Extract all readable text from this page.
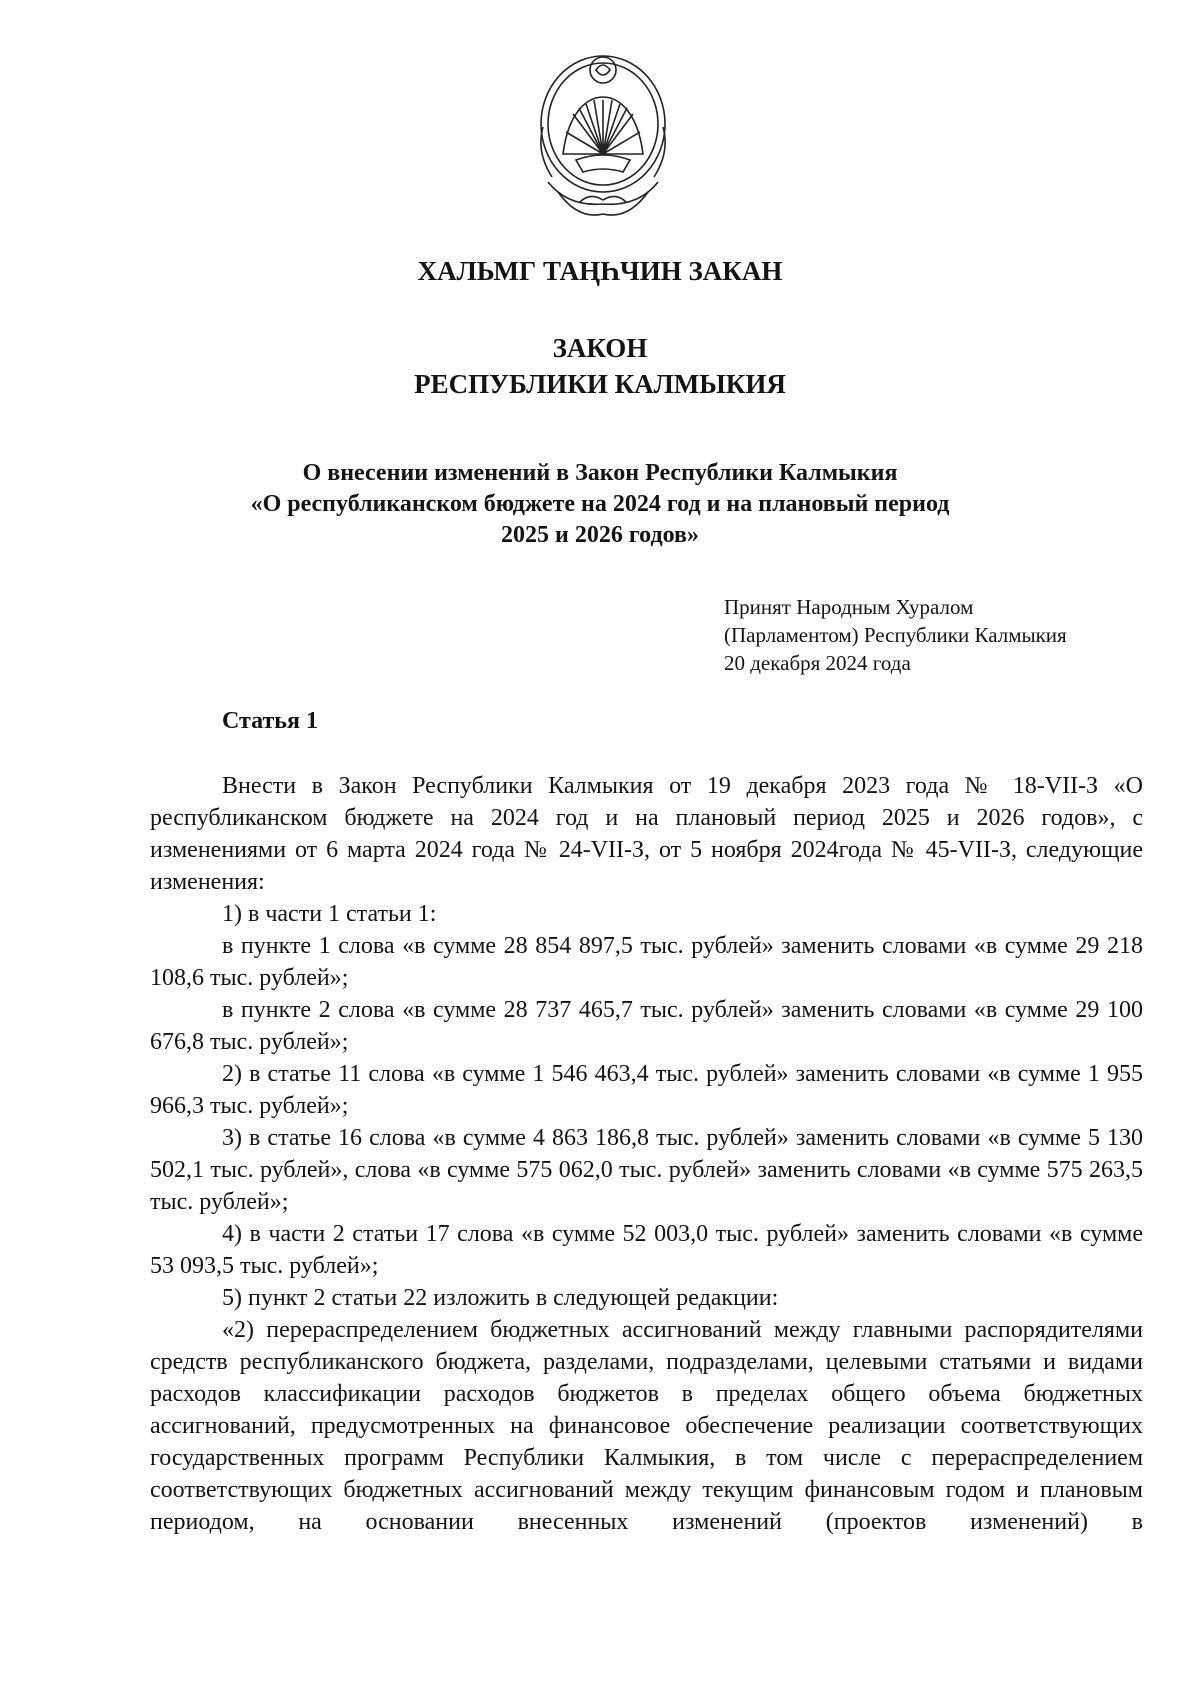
ХАЛЬМГ ТАҢҺЧИН ЗАКАН
ЗАКОН
РЕСПУБЛИКИ КАЛМЫКИЯ
О внесении изменений в Закон Республики Калмыкия
«О республиканском бюджете на 2024 год и на плановый период
2025 и 2026 годов»
Принят Народным Хуралом
(Парламентом) Республики Калмыкия
20 декабря 2024 года
Статья 1

Внести в Закон Республики Калмыкия от 19 декабря 2023 года № 18-VII-З «О республиканском бюджете на 2024 год и на плановый период 2025 и 2026 годов», с изменениями от 6 марта 2024 года № 24-VII-З, от 5 ноября 2024года № 45-VII-З, следующие изменения:

1) в части 1 статьи 1:

в пункте 1 слова «в сумме 28 854 897,5 тыс. рублей» заменить словами «в сумме 29 218 108,6 тыс. рублей»;

в пункте 2 слова «в сумме 28 737 465,7 тыс. рублей» заменить словами «в сумме 29 100 676,8 тыс. рублей»;

2) в статье 11 слова «в сумме 1 546 463,4 тыс. рублей» заменить словами «в сумме 1 955 966,3 тыс. рублей»;

3) в статье 16 слова «в сумме 4 863 186,8 тыс. рублей» заменить словами «в сумме 5 130 502,1 тыс. рублей», слова «в сумме 575 062,0 тыс. рублей» заменить словами «в сумме 575 263,5 тыс. рублей»;

4) в части 2 статьи 17 слова «в сумме 52 003,0 тыс. рублей» заменить словами «в сумме 53 093,5 тыс. рублей»;

5) пункт 2 статьи 22 изложить в следующей редакции:

«2) перераспределением бюджетных ассигнований между главными распорядителями средств республиканского бюджета, разделами, подразделами, целевыми статьями и видами расходов классификации расходов бюджетов в пределах общего объема бюджетных ассигнований, предусмотренных на финансовое обеспечение реализации соответствующих государственных программ Республики Калмыкия, в том числе с перераспределением соответствующих бюджетных ассигнований между текущим финансовым годом и плановым периодом, на основании внесенных изменений (проектов изменений) в
